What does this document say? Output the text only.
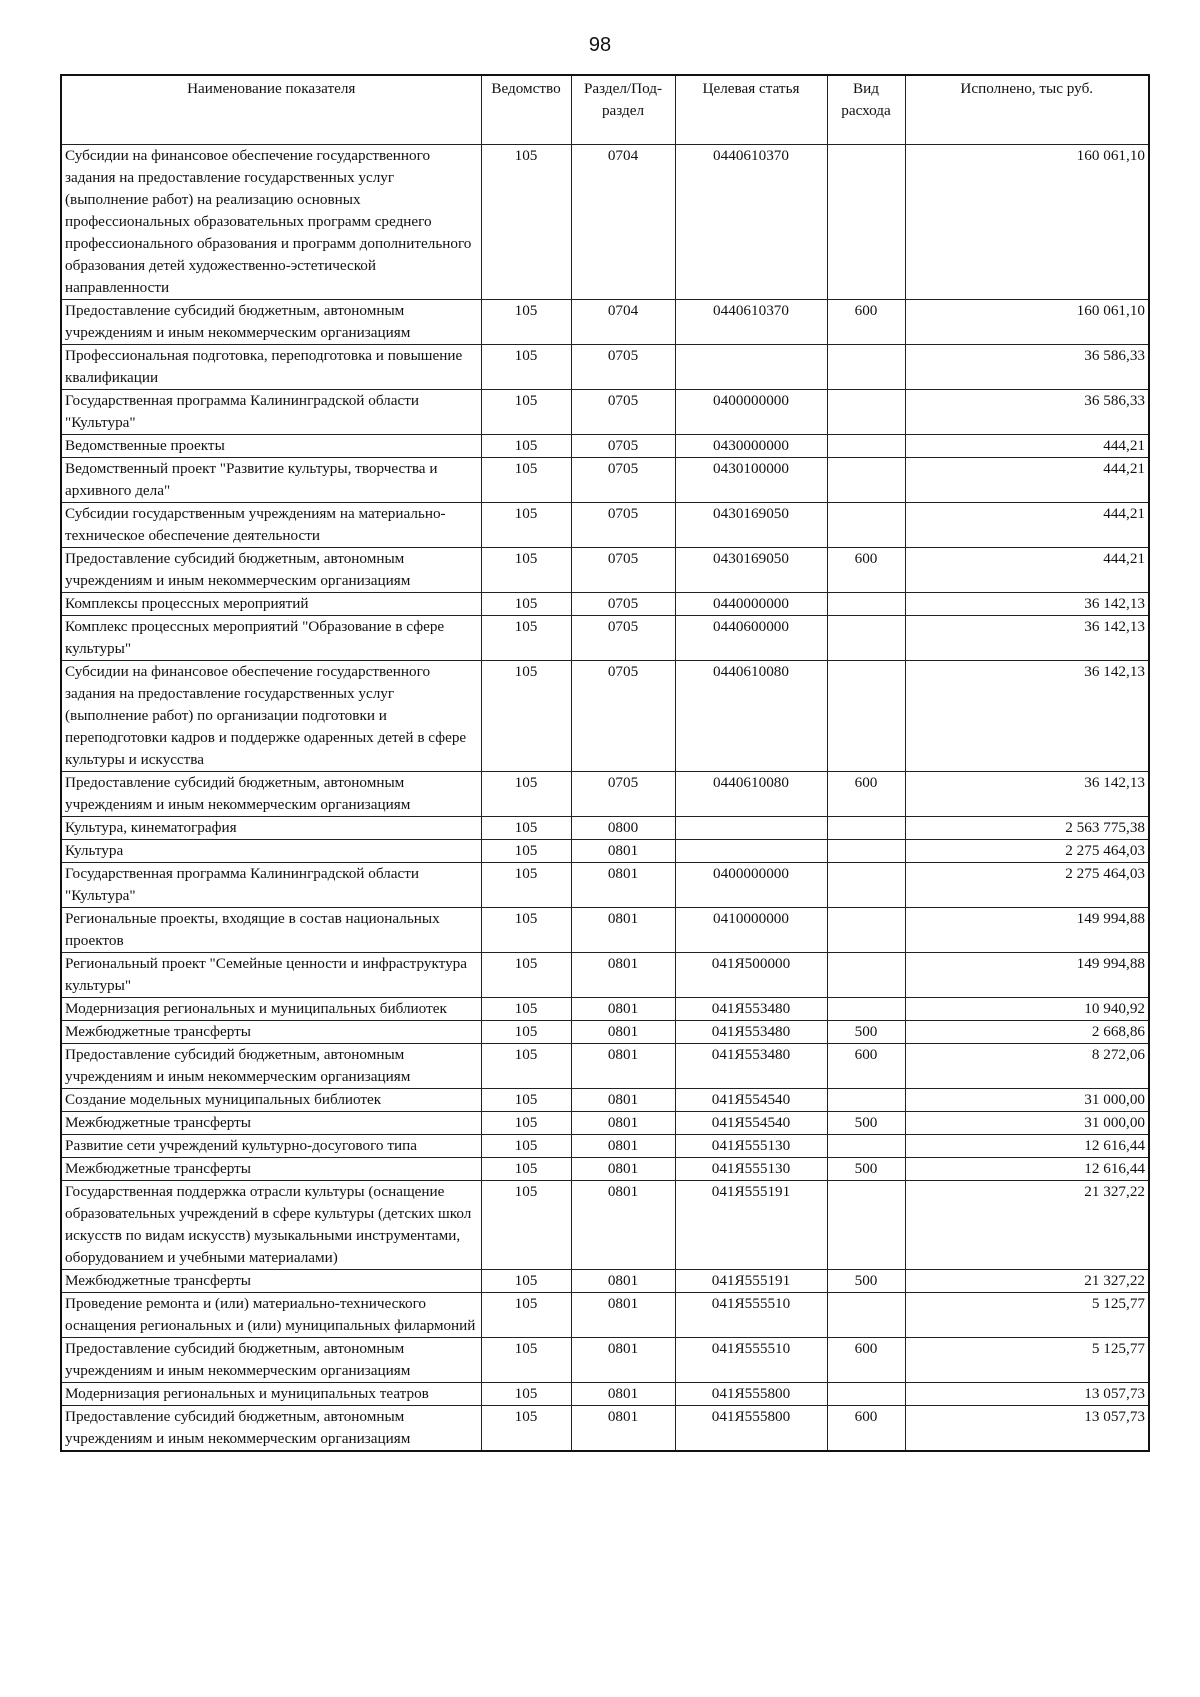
98
Наименование показателя	Ведомство	Раздел/Под-раздел	Целевая статья	Вид расхода	Исполнено, тыс руб.
Субсидии на финансовое обеспечение государственного задания на предоставление государственных услуг (выполнение работ) на реализацию основных профессиональных образовательных программ среднего профессионального образования и программ дополнительного образования детей художественно-эстетической направленности	105	0704	0440610370		160 061,10
Предоставление субсидий бюджетным, автономным учреждениям и иным некоммерческим организациям	105	0704	0440610370	600	160 061,10
Профессиональная подготовка, переподготовка и повышение квалификации	105	0705			36 586,33
Государственная программа Калининградской области "Культура"	105	0705	0400000000		36 586,33
Ведомственные проекты	105	0705	0430000000		444,21
Ведомственный проект "Развитие культуры, творчества и архивного дела"	105	0705	0430100000		444,21
Субсидии государственным учреждениям на материально-техническое обеспечение деятельности	105	0705	0430169050		444,21
Предоставление субсидий бюджетным, автономным учреждениям и иным некоммерческим организациям	105	0705	0430169050	600	444,21
Комплексы процессных мероприятий	105	0705	0440000000		36 142,13
Комплекс процессных мероприятий "Образование в сфере культуры"	105	0705	0440600000		36 142,13
Субсидии на финансовое обеспечение государственного задания на предоставление государственных услуг (выполнение работ) по организации подготовки и переподготовки кадров и поддержке одаренных детей в сфере культуры и искусства	105	0705	0440610080		36 142,13
Предоставление субсидий бюджетным, автономным учреждениям и иным некоммерческим организациям	105	0705	0440610080	600	36 142,13
Культура, кинематография	105	0800			2 563 775,38
Культура	105	0801			2 275 464,03
Государственная программа Калининградской области "Культура"	105	0801	0400000000		2 275 464,03
Региональные проекты, входящие в состав национальных проектов	105	0801	0410000000		149 994,88
Региональный проект "Семейные ценности и инфраструктура культуры"	105	0801	041Я500000		149 994,88
Модернизация региональных и муниципальных библиотек	105	0801	041Я553480		10 940,92
Межбюджетные трансферты	105	0801	041Я553480	500	2 668,86
Предоставление субсидий бюджетным, автономным учреждениям и иным некоммерческим организациям	105	0801	041Я553480	600	8 272,06
Создание модельных муниципальных библиотек	105	0801	041Я554540		31 000,00
Межбюджетные трансферты	105	0801	041Я554540	500	31 000,00
Развитие сети учреждений культурно-досугового типа	105	0801	041Я555130		12 616,44
Межбюджетные трансферты	105	0801	041Я555130	500	12 616,44
Государственная поддержка отрасли культуры (оснащение образовательных учреждений в сфере культуры (детских школ искусств по видам искусств) музыкальными инструментами, оборудованием и учебными материалами)	105	0801	041Я555191		21 327,22
Межбюджетные трансферты	105	0801	041Я555191	500	21 327,22
Проведение ремонта и (или) материально-технического оснащения региональных и (или) муниципальных филармоний	105	0801	041Я555510		5 125,77
Предоставление субсидий бюджетным, автономным учреждениям и иным некоммерческим организациям	105	0801	041Я555510	600	5 125,77
Модернизация региональных и муниципальных театров	105	0801	041Я555800		13 057,73
Предоставление субсидий бюджетным, автономным учреждениям и иным некоммерческим организациям	105	0801	041Я555800	600	13 057,73
